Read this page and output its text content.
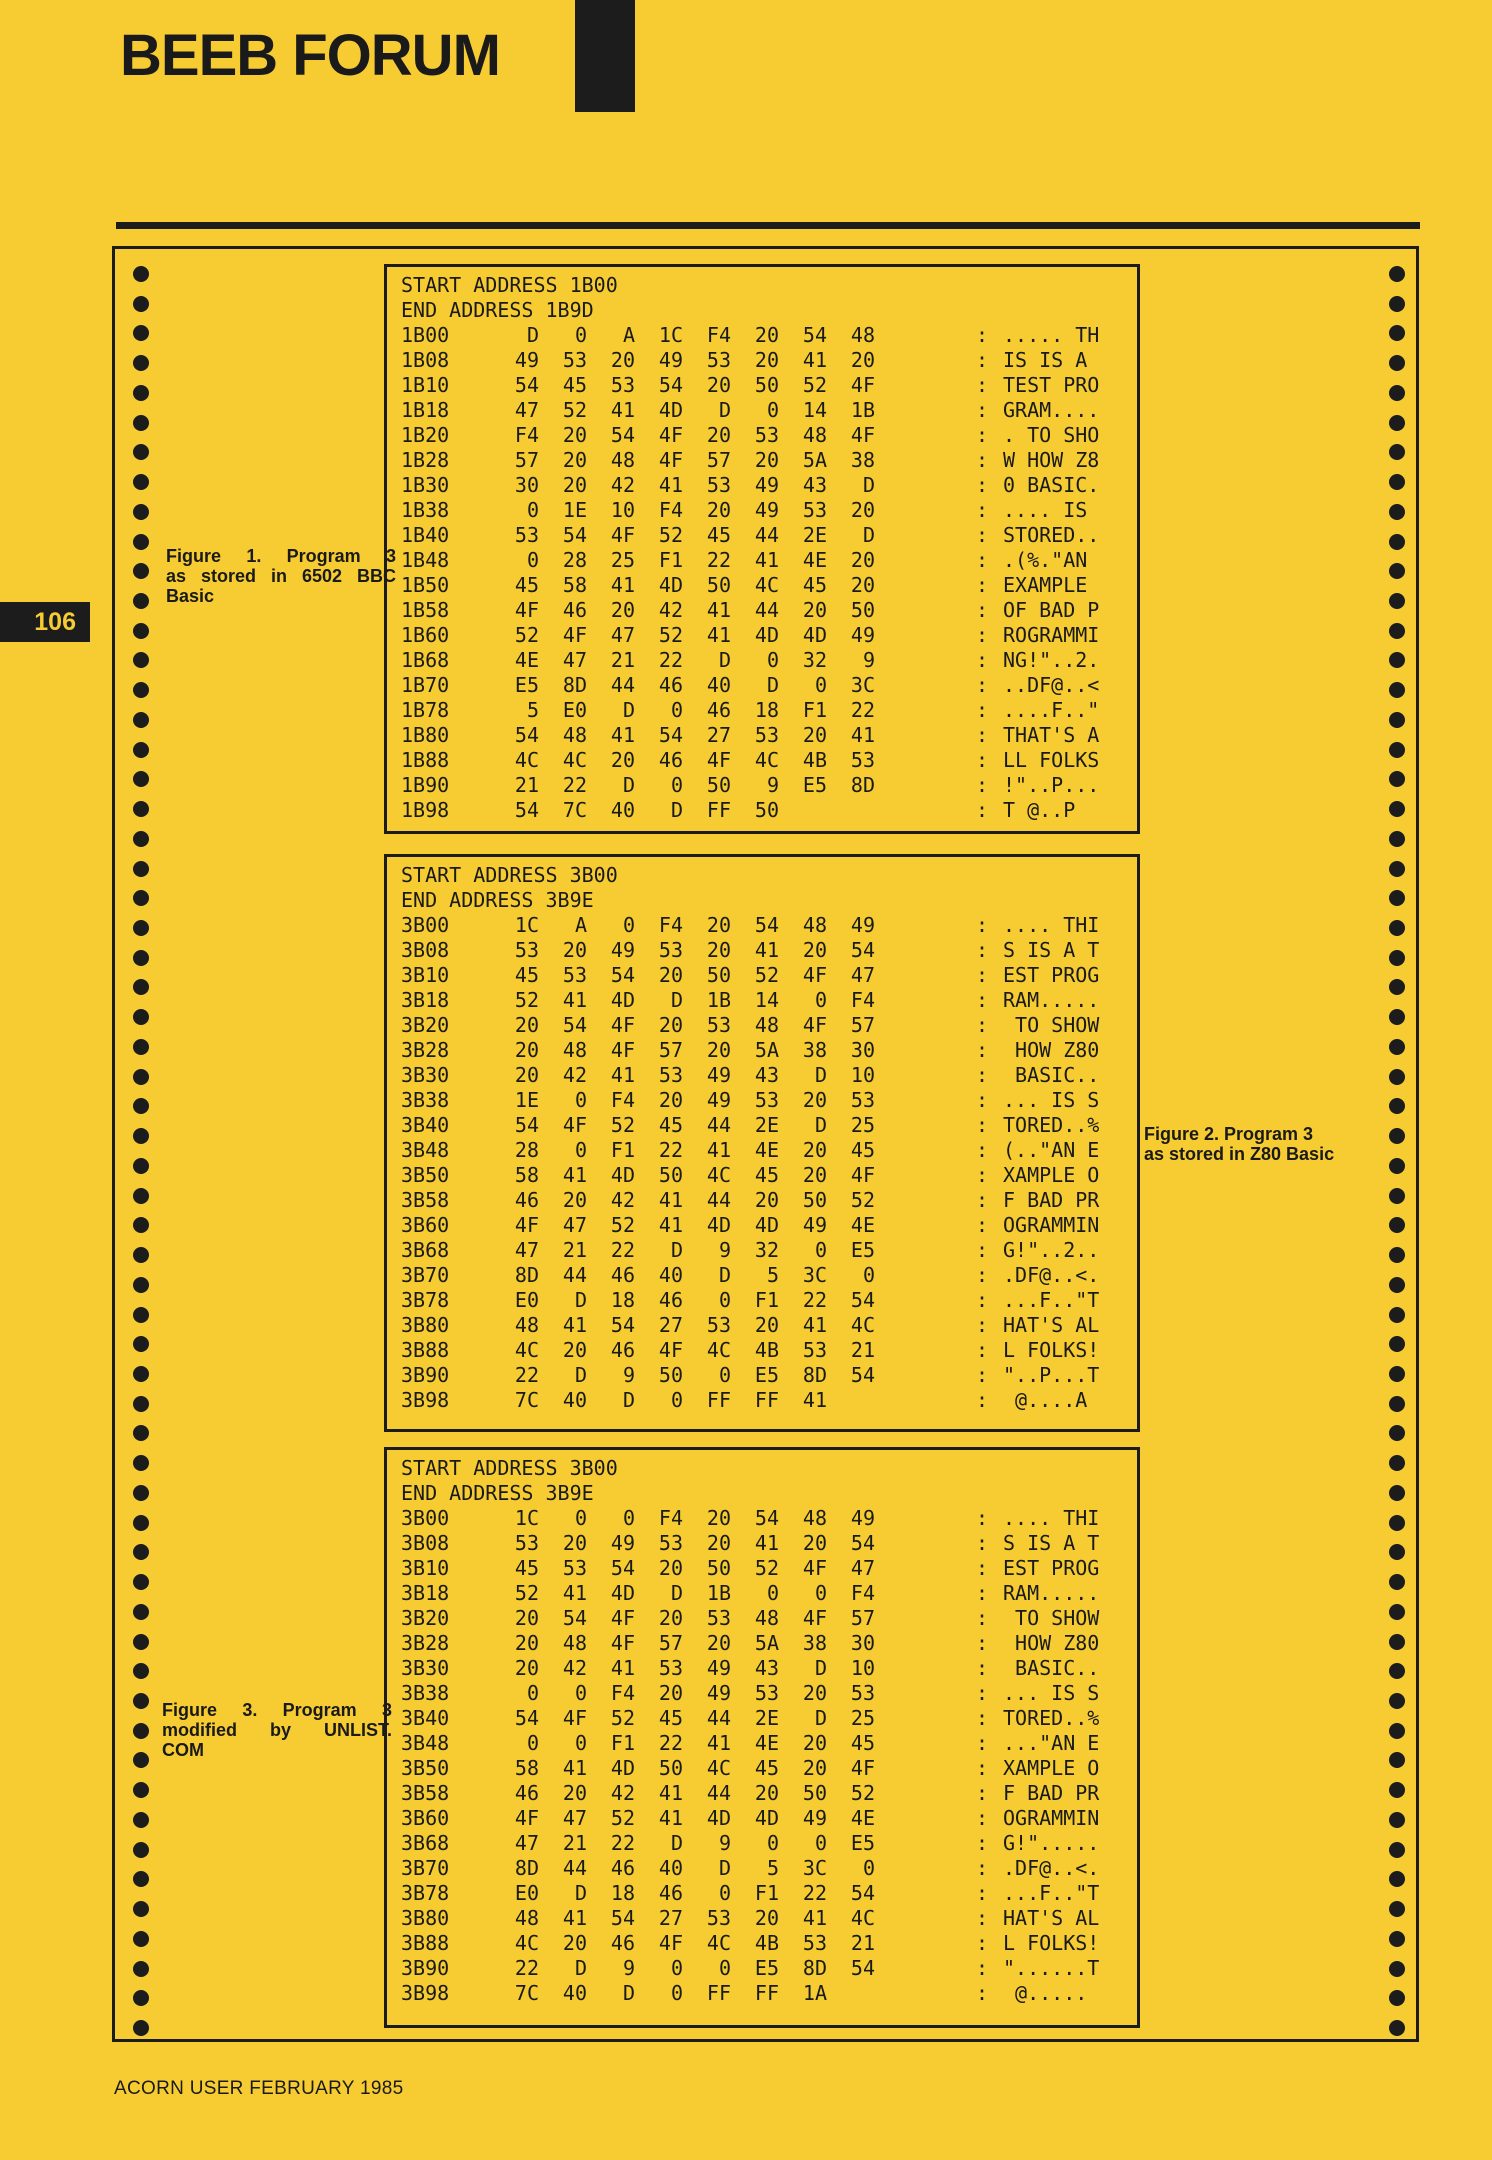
BEEB FORUM
106

Figure 1. Program 3

as stored in 6502 BBC

Basic

Figure 2. Program 3

as stored in Z80 Basic

Figure 3. Program 3

modified by UNLIST.

COM

START ADDRESS 1B00
END ADDRESS 1B9D
1B00	D	0	A	1C	F4	20	54	48	: ..... TH
1B08	49	53	20	49	53	20	41	20	: IS IS A
1B10	54	45	53	54	20	50	52	4F	: TEST PRO
1B18	47	52	41	4D	D	0	14	1B	: GRAM....
1B20	F4	20	54	4F	20	53	48	4F	: . TO SHO
1B28	57	20	48	4F	57	20	5A	38	: W HOW Z8
1B30	30	20	42	41	53	49	43	D	: 0 BASIC.
1B38	0	1E	10	F4	20	49	53	20	: .... IS
1B40	53	54	4F	52	45	44	2E	D	: STORED..
1B48	0	28	25	F1	22	41	4E	20	: .(%."AN
1B50	45	58	41	4D	50	4C	45	20	: EXAMPLE
1B58	4F	46	20	42	41	44	20	50	: OF BAD P
1B60	52	4F	47	52	41	4D	4D	49	: ROGRAMMI
1B68	4E	47	21	22	D	0	32	9	: NG!"..2.
1B70	E5	8D	44	46	40	D	0	3C	: ..DF@..<
1B78	5	E0	D	0	46	18	F1	22	: ....F.."
1B80	54	48	41	54	27	53	20	41	: THAT'S A
1B88	4C	4C	20	46	4F	4C	4B	53	: LL FOLKS
1B90	21	22	D	0	50	9	E5	8D	: !"..P...
1B98	54	7C	40	D	FF	50	: T @..P
START ADDRESS 3B00
END ADDRESS 3B9E
3B00	1C	A	0	F4	20	54	48	49	: .... THI
3B08	53	20	49	53	20	41	20	54	: S IS A T
3B10	45	53	54	20	50	52	4F	47	: EST PROG
3B18	52	41	4D	D	1B	14	0	F4	: RAM.....
3B20	20	54	4F	20	53	48	4F	57	: TO SHOW
3B28	20	48	4F	57	20	5A	38	30	: HOW Z80
3B30	20	42	41	53	49	43	D	10	: BASIC..
3B38	1E	0	F4	20	49	53	20	53	: ... IS S
3B40	54	4F	52	45	44	2E	D	25	: TORED..%
3B48	28	0	F1	22	41	4E	20	45	: (.."AN E
3B50	58	41	4D	50	4C	45	20	4F	: XAMPLE O
3B58	46	20	42	41	44	20	50	52	: F BAD PR
3B60	4F	47	52	41	4D	4D	49	4E	: OGRAMMIN
3B68	47	21	22	D	9	32	0	E5	: G!"..2..
3B70	8D	44	46	40	D	5	3C	0	: .DF@..<.
3B78	E0	D	18	46	0	F1	22	54	: ...F.."T
3B80	48	41	54	27	53	20	41	4C	: HAT'S AL
3B88	4C	20	46	4F	4C	4B	53	21	: L FOLKS!
3B90	22	D	9	50	0	E5	8D	54	: "..P...T
3B98	7C	40	D	0	FF	FF	41	: @....A
START ADDRESS 3B00
END ADDRESS 3B9E
3B00	1C	0	0	F4	20	54	48	49	: .... THI
3B08	53	20	49	53	20	41	20	54	: S IS A T
3B10	45	53	54	20	50	52	4F	47	: EST PROG
3B18	52	41	4D	D	1B	0	0	F4	: RAM.....
3B20	20	54	4F	20	53	48	4F	57	: TO SHOW
3B28	20	48	4F	57	20	5A	38	30	: HOW Z80
3B30	20	42	41	53	49	43	D	10	: BASIC..
3B38	0	0	F4	20	49	53	20	53	: ... IS S
3B40	54	4F	52	45	44	2E	D	25	: TORED..%
3B48	0	0	F1	22	41	4E	20	45	: ..."AN E
3B50	58	41	4D	50	4C	45	20	4F	: XAMPLE O
3B58	46	20	42	41	44	20	50	52	: F BAD PR
3B60	4F	47	52	41	4D	4D	49	4E	: OGRAMMIN
3B68	47	21	22	D	9	0	0	E5	: G!".....
3B70	8D	44	46	40	D	5	3C	0	: .DF@..<.
3B78	E0	D	18	46	0	F1	22	54	: ...F.."T
3B80	48	41	54	27	53	20	41	4C	: HAT'S AL
3B88	4C	20	46	4F	4C	4B	53	21	: L FOLKS!
3B90	22	D	9	0	0	E5	8D	54	: "......T
3B98	7C	40	D	0	FF	FF	1A	: @.....
ACORN USER FEBRUARY 1985
